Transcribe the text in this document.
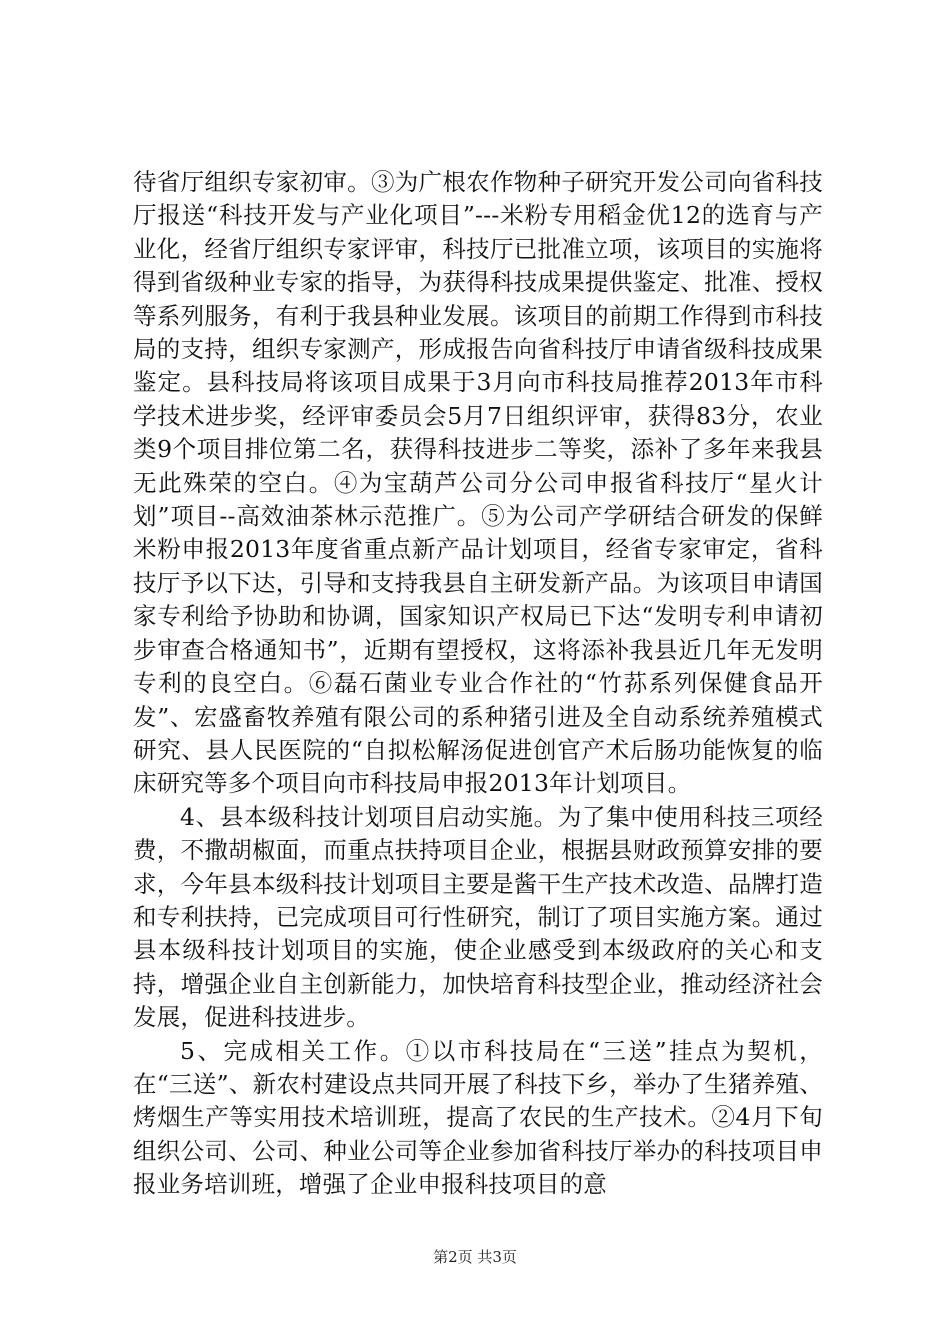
待省厅组织专家初审。③为广根农作物种子研究开发公司向省科技厅报送“科技开发与产业化项目”---米粉专用稻金优12的选育与产业化，经省厅组织专家评审，科技厅已批准立项，该项目的实施将得到省级种业专家的指导，为获得科技成果提供鉴定、批准、授权等系列服务，有利于我县种业发展。该项目的前期工作得到市科技局的支持，组织专家测产，形成报告向省科技厅申请省级科技成果鉴定。县科技局将该项目成果于3月向市科技局推荐2013年市科学技术进步奖，经评审委员会5月7日组织评审，获得83分，农业类9个项目排位第二名，获得科技进步二等奖，添补了多年来我县无此殊荣的空白。④为宝葫芦公司分公司申报省科技厅“星火计划”项目--高效油茶林示范推广。⑤为公司产学研结合研发的保鲜米粉申报2013年度省重点新产品计划项目，经省专家审定，省科技厅予以下达，引导和支持我县自主研发新产品。为该项目申请国家专利给予协助和协调，国家知识产权局已下达“发明专利申请初步审查合格通知书”，近期有望授权，这将添补我县近几年无发明专利的良空白。⑥磊石菌业专业合作社的“竹荪系列保健食品开发”、宏盛畜牧养殖有限公司的系种猪引进及全自动系统养殖模式研究、县人民医院的“自拟松解汤促进创官产术后肠功能恢复的临床研究等多个项目向市科技局申报2013年计划项目。

4、县本级科技计划项目启动实施。为了集中使用科技三项经费，不撒胡椒面，而重点扶持项目企业，根据县财政预算安排的要求，今年县本级科技计划项目主要是酱干生产技术改造、品牌打造和专利扶持，已完成项目可行性研究，制订了项目实施方案。通过县本级科技计划项目的实施，使企业感受到本级政府的关心和支持，增强企业自主创新能力，加快培育科技型企业，推动经济社会发展，促进科技进步。

5、完成相关工作。①以市科技局在“三送”挂点为契机，在“三送”、新农村建设点共同开展了科技下乡，举办了生猪养殖、烤烟生产等实用技术培训班，提高了农民的生产技术。②4月下旬组织公司、公司、种业公司等企业参加省科技厅举办的科技项目申报业务培训班，增强了企业申报科技项目的意

第2页 共3页
